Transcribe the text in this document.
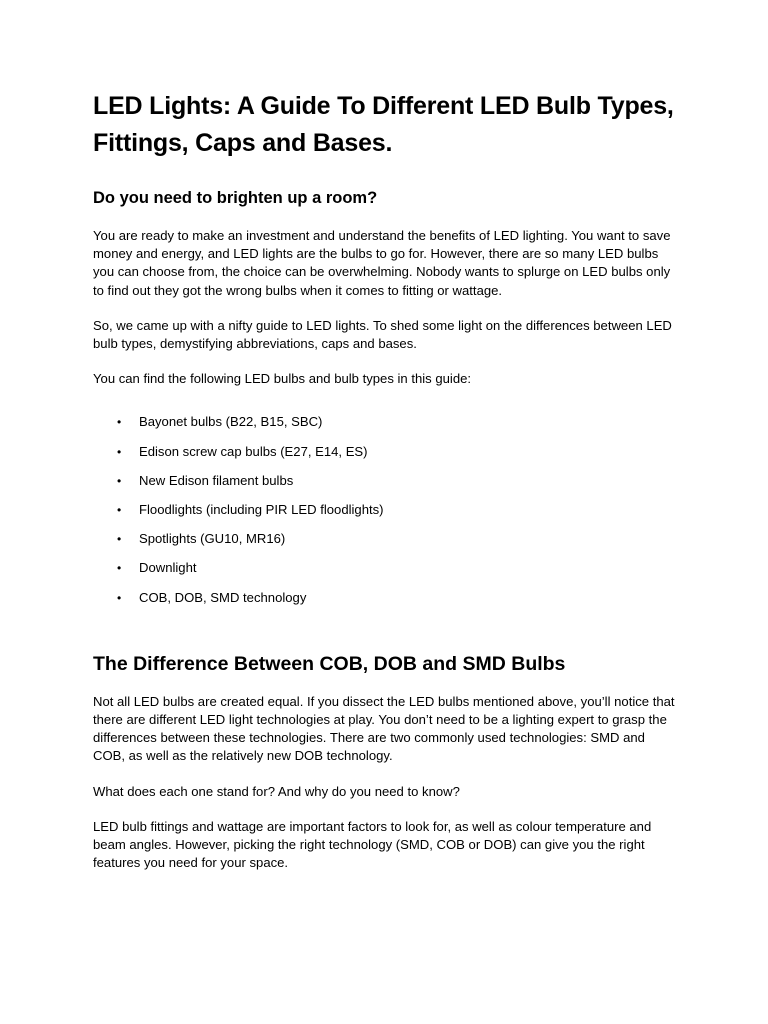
LED Lights: A Guide To Different LED Bulb Types, Fittings, Caps and Bases.
Do you need to brighten up a room?

You are ready to make an investment and understand the benefits of LED lighting. You want to save money and energy, and LED lights are the bulbs to go for. However, there are so many LED bulbs you can choose from, the choice can be overwhelming. Nobody wants to splurge on LED bulbs only to find out they got the wrong bulbs when it comes to fitting or wattage.

So, we came up with a nifty guide to LED lights. To shed some light on the differences between LED bulb types, demystifying abbreviations, caps and bases.

You can find the following LED bulbs and bulb types in this guide:

• Bayonet bulbs (B22, B15, SBC)
• Edison screw cap bulbs (E27, E14, ES)
• New Edison filament bulbs
• Floodlights (including PIR LED floodlights)
• Spotlights (GU10, MR16)
• Downlight
• COB, DOB, SMD technology
The Difference Between COB, DOB and SMD Bulbs

Not all LED bulbs are created equal. If you dissect the LED bulbs mentioned above, you’ll notice that there are different LED light technologies at play. You don’t need to be a lighting expert to grasp the differences between these technologies. There are two commonly used technologies: SMD and COB, as well as the relatively new DOB technology.

What does each one stand for? And why do you need to know?

LED bulb fittings and wattage are important factors to look for, as well as colour temperature and beam angles. However, picking the right technology (SMD, COB or DOB) can give you the right features you need for your space.
